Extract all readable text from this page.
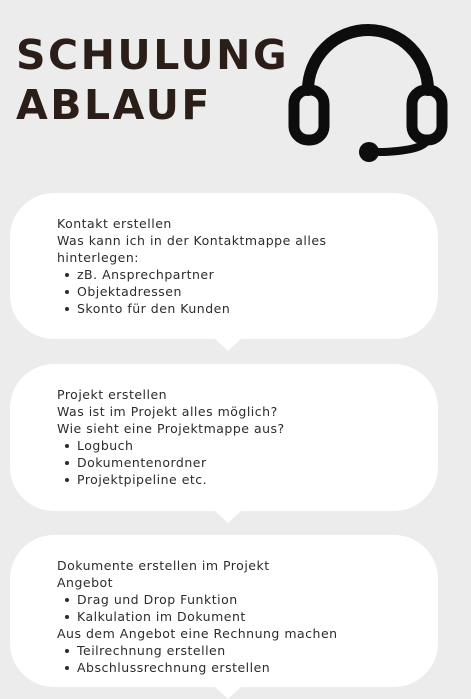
SCHULUNG
ABLAUF
Kontakt erstellen
Was kann ich in der Kontaktmappe alles
hinterlegen:
zB. Ansprechpartner
Objektadressen
Skonto für den Kunden
Projekt erstellen
Was ist im Projekt alles möglich?
Wie sieht eine Projektmappe aus?
Logbuch
Dokumentenordner
Projektpipeline etc.
Dokumente erstellen im Projekt
Angebot
Drag und Drop Funktion
Kalkulation im Dokument
Aus dem Angebot eine Rechnung machen
Teilrechnung erstellen
Abschlussrechnung erstellen
